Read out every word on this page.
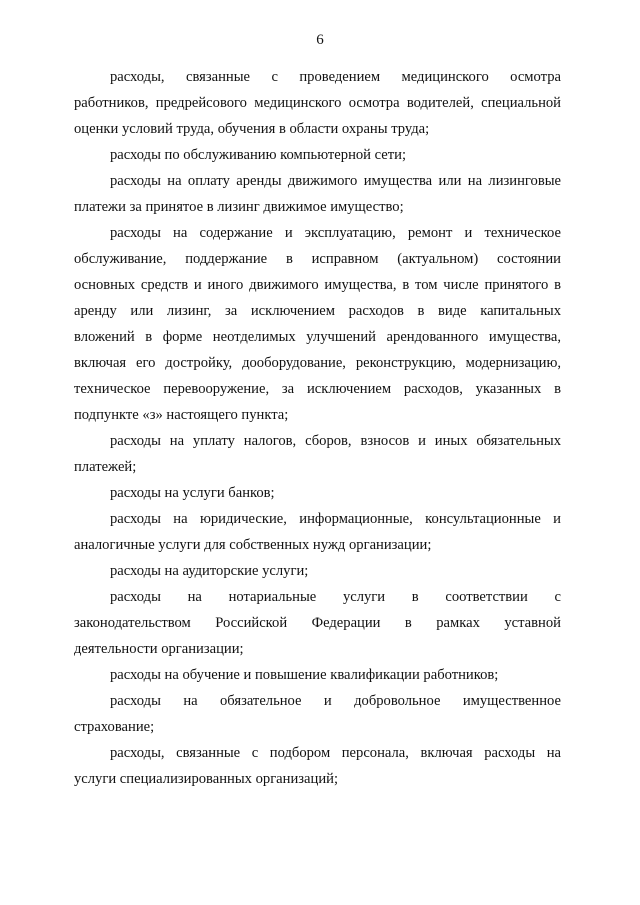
6
расходы, связанные с проведением медицинского осмотра
работников, предрейсового медицинского осмотра водителей, специальной
оценки условий труда, обучения в области охраны труда;
расходы по обслуживанию компьютерной сети;
расходы на оплату аренды движимого имущества или на лизинговые
платежи за принятое в лизинг движимое имущество;
расходы на содержание и эксплуатацию, ремонт и техническое
обслуживание, поддержание в исправном (актуальном) состоянии
основных средств и иного движимого имущества, в том числе принятого в
аренду или лизинг, за исключением расходов в виде капитальных
вложений в форме неотделимых улучшений арендованного имущества,
включая его достройку, дооборудование, реконструкцию, модернизацию,
техническое перевооружение, за исключением расходов, указанных в
подпункте «з» настоящего пункта;
расходы на уплату налогов, сборов, взносов и иных обязательных
платежей;
расходы на услуги банков;
расходы на юридические, информационные, консультационные и
аналогичные услуги для собственных нужд организации;
расходы на аудиторские услуги;
расходы на нотариальные услуги в соответствии с
законодательством Российской Федерации в рамках уставной
деятельности организации;
расходы на обучение и повышение квалификации работников;
расходы на обязательное и добровольное имущественное
страхование;
расходы, связанные с подбором персонала, включая расходы на
услуги специализированных организаций;
